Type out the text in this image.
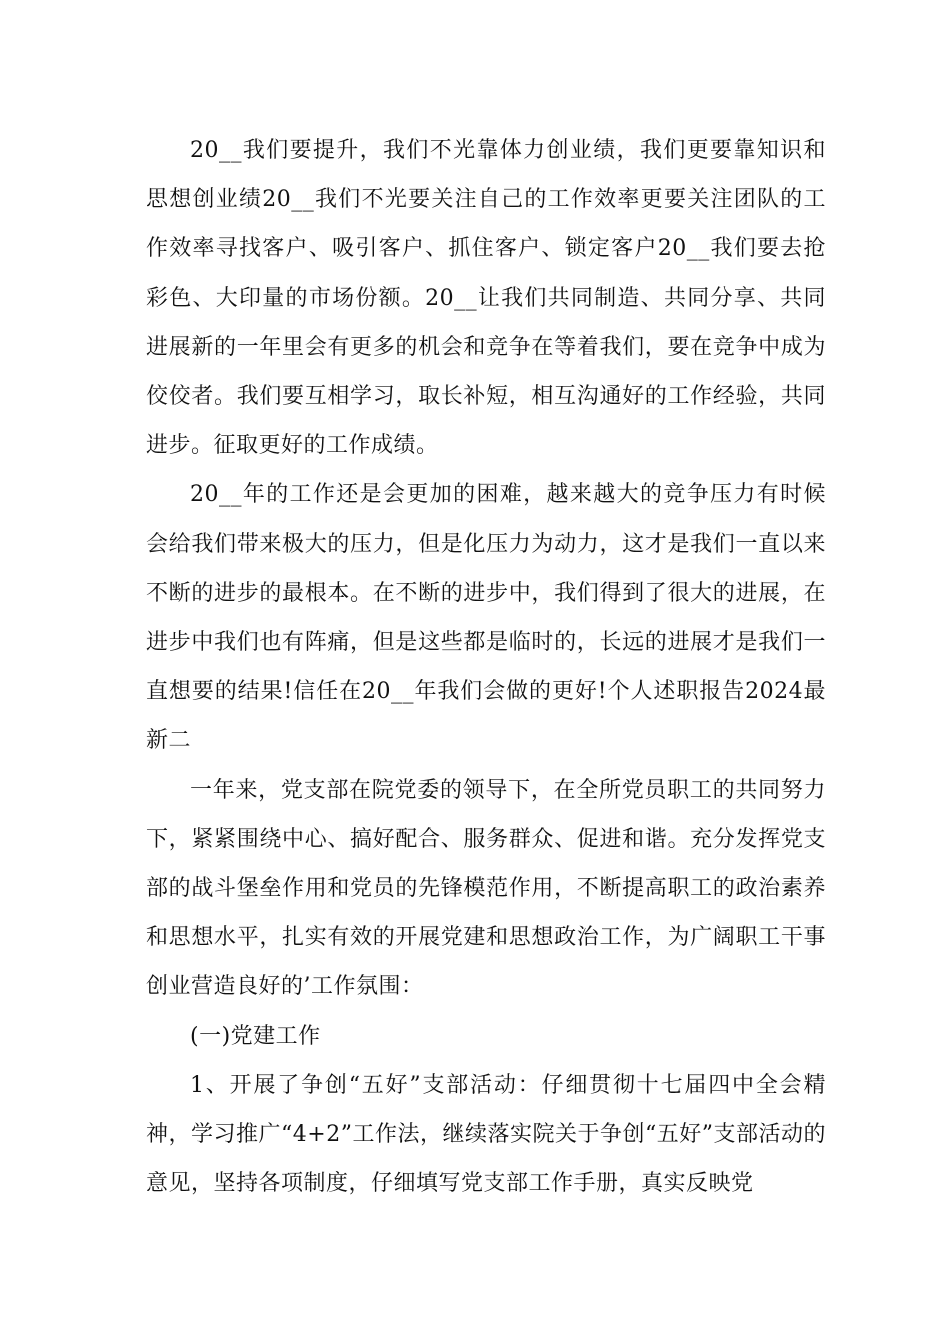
20__我们要提升，我们不光靠体力创业绩，我们更要靠知识和思想创业绩20__我们不光要关注自己的工作效率更要关注团队的工作效率寻找客户、吸引客户、抓住客户、锁定客户20__我们要去抢彩色、大印量的市场份额。20__让我们共同制造、共同分享、共同进展新的一年里会有更多的机会和竞争在等着我们，要在竞争中成为佼佼者。我们要互相学习，取长补短，相互沟通好的工作经验，共同进步。征取更好的工作成绩。

20__年的工作还是会更加的困难，越来越大的竞争压力有时候会给我们带来极大的压力，但是化压力为动力，这才是我们一直以来不断的进步的最根本。在不断的进步中，我们得到了很大的进展，在进步中我们也有阵痛，但是这些都是临时的，长远的进展才是我们一直想要的结果!信任在20__年我们会做的更好!个人述职报告2024最新二

一年来，党支部在院党委的领导下，在全所党员职工的共同努力下，紧紧围绕中心、搞好配合、服务群众、促进和谐。充分发挥党支部的战斗堡垒作用和党员的先锋模范作用，不断提高职工的政治素养和思想水平，扎实有效的开展党建和思想政治工作，为广阔职工干事创业营造良好的’工作氛围：

(一)党建工作

1、开展了争创“五好”支部活动：仔细贯彻十七届四中全会精神，学习推广“4+2”工作法，继续落实院关于争创“五好”支部活动的意见，坚持各项制度，仔细填写党支部工作手册，真实反映党
